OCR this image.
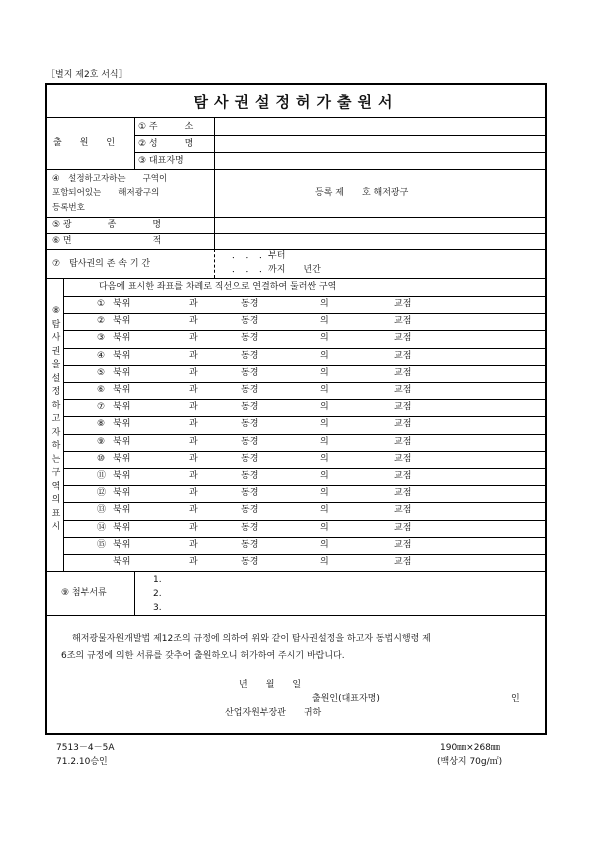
［별지 제2호 서식］
탐사권설정허가출원서
출　　원　　인
① 주　　　소
② 성　　　명
③ 대표자명
④　설정하고자하는　　구역이
포함되어있는　　해저광구의
등록번호
등록 제　　호 해저광구
⑤ 광　　　　종　　　　명
⑥ 면　　　　　　　　　적
⑦　탐사권의 존 속 기 간
．　．　．부터
．　．　．까지　　년간
⑧탐사권을설정하고자하는구역의표시
다음에 표시한 좌표를 차례로 직선으로 연결하여 둘러싼 구역
① 북위	과	동경	의	교점
② 북위	과	동경	의	교점
③ 북위	과	동경	의	교점
④ 북위	과	동경	의	교점
⑤ 북위	과	동경	의	교점
⑥ 북위	과	동경	의	교점
⑦ 북위	과	동경	의	교점
⑧ 북위	과	동경	의	교점
⑨ 북위	과	동경	의	교점
⑩ 북위	과	동경	의	교점
⑪ 북위	과	동경	의	교점
⑫ 북위	과	동경	의	교점
⑬ 북위	과	동경	의	교점
⑭ 북위	과	동경	의	교점
⑮ 북위	과	동경	의	교점
북위	과	동경	의	교점
⑨ 첨부서류
1.
2.
3.
해저광물자원개발법 제12조의 규정에 의하여 위와 같이 탐사권설정을 하고자 동법시행령 제
6조의 규정에 의한 서류를 갖추어 출원하오니 허가하여 주시기 바랍니다.
년　　월　　일
출원인(대표자명)	인
산업자원부장관　　귀하
7513－4－5A
71.2.10승인
190㎜×268㎜
(백상지 70g/㎡)
